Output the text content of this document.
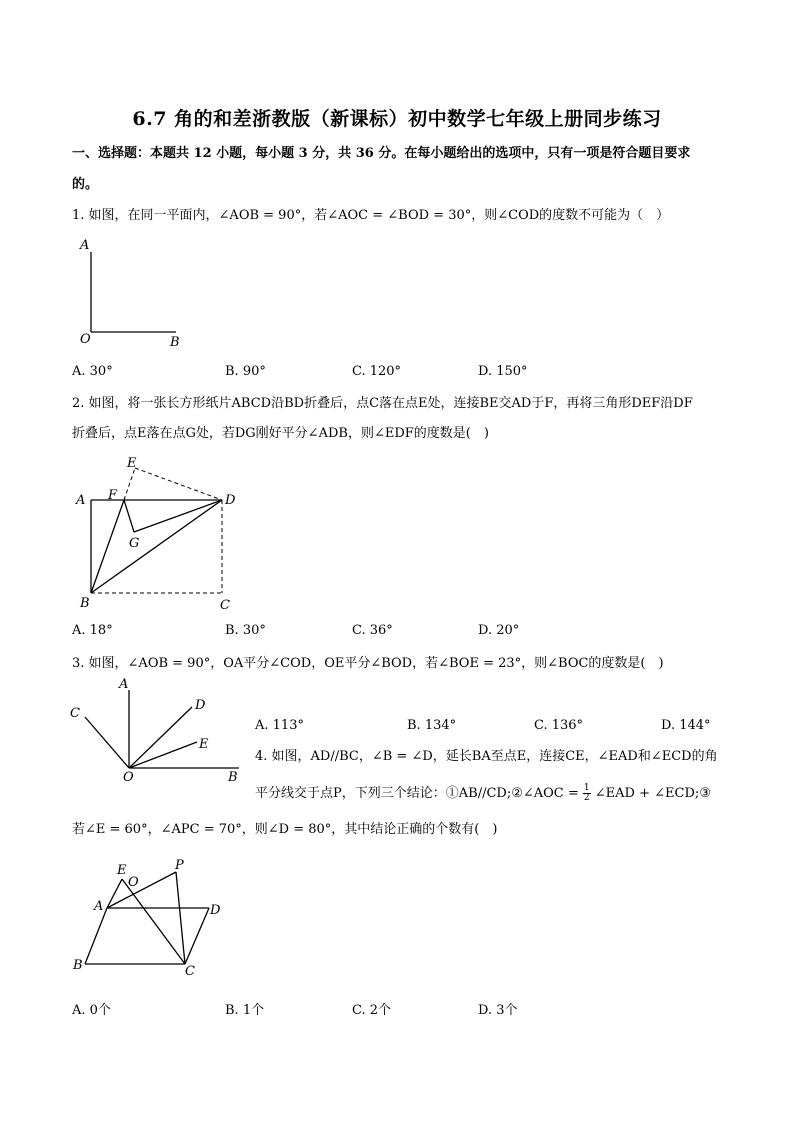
6.7 角的和差浙教版（新课标）初中数学七年级上册同步练习
一、选择题：本题共 12 小题，每小题 3 分，共 36 分。在每小题给出的选项中，只有一项是符合题目要求
的。
1. 如图，在同一平面内，∠AOB = 90°，若∠AOC = ∠BOD = 30°，则∠COD的度数不可能为（　）
A
O	B
A. 30°	B. 90°	C. 120°	D. 150°
2. 如图，将一张长方形纸片ABCD沿BD折叠后，点C落在点E处，连接BE交AD于F，再将三角形DEF沿DF
折叠后，点E落在点G处，若DG刚好平分∠ADB，则∠EDF的度数是(　)
E
A F	D
G
B	C
A. 18°	B. 30°	C. 36°	D. 20°
3. 如图，∠AOB = 90°，OA平分∠COD，OE平分∠BOD，若∠BOE = 23°，则∠BOC的度数是(　)
A
C
D
E
O	B
A. 113°	B. 134°	C. 136°	D. 144°
4. 如图，AD//BC，∠B = ∠D，延长BA至点E，连接CE，∠EAD和∠ECD的角
平分线交于点P，下列三个结论：①AB//CD;②∠AOC = $\frac{1}{2}$ ∠EAD + ∠ECD;③
若∠E = 60°，∠APC = 70°，则∠D = 80°，其中结论正确的个数有(　)
E
O
P
A	D
B	C
A. 0个	B. 1个	C. 2个	D. 3个
